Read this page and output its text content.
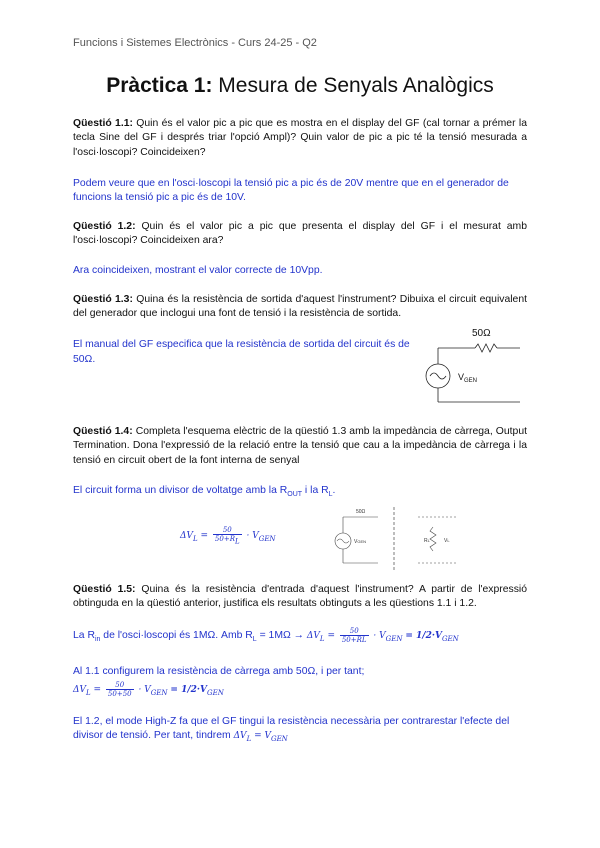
Funcions i Sistemes Electrònics - Curs 24-25 - Q2
Pràctica 1: Mesura de Senyals Analògics
Qüestió 1.1: Quin és el valor pic a pic que es mostra en el display del GF (cal tornar a prémer la tecla Sine del GF i després triar l'opció Ampl)? Quin valor de pic a pic té la tensió mesurada a l'osci·loscopi? Coincideixen?
Podem veure que en l'osci·loscopi la tensió pic a pic és de 20V mentre que en el generador de funcions la tensió pic a pic és de 10V.
Qüestió 1.2: Quin és el valor pic a pic que presenta el display del GF i el mesurat amb l'osci·loscopi? Coincideixen ara?
Ara coincideixen, mostrant el valor correcte de 10Vpp.
Qüestió 1.3: Quina és la resistència de sortida d'aquest l'instrument? Dibuixa el circuit equivalent del generador que inclogui una font de tensió i la resistència de sortida.
El manual del GF especifica que la resistència de sortida del circuit és de 50Ω.
50Ω
$V_{GEN}$
Qüestió 1.4: Completa l'esquema elèctric de la qüestió 1.3 amb la impedància de càrrega, Output Termination. Dona l'expressió de la relació entre la tensió que cau a la impedància de càrrega i la tensió en circuit obert de la font interna de senyal
El circuit forma un divisor de voltatge amb la $R_{OUT}$ i la $R_L$.
$\Delta V_L = \frac{50}{50+R_L} \cdot V_{GEN}$
50Ω
VGEN	RL	VL
Qüestió 1.5: Quina és la resistència d'entrada d'aquest l'instrument? A partir de l'expressió obtinguda en la qüestió anterior, justifica els resultats obtinguts a les qüestions 1.1 i 1.2.
La $R_{in}$ de l'osci·loscopi és 1MΩ. Amb $R_L = 1M\Omega \to \Delta V_L = \frac{50}{50+RL} \cdot V_{GEN} = 1/2\cdot V_{GEN}$
Al 1.1 configurem la resistència de càrrega amb 50Ω, i per tant;
$\Delta V_L = \frac{50}{50+50} \cdot V_{GEN} = 1/2\cdot V_{GEN}$
El 1.2, el mode High-Z fa que el GF tingui la resistència necessària per contrarestar l'efecte del divisor de tensió. Per tant, tindrem $\Delta V_L = V_{GEN}$
